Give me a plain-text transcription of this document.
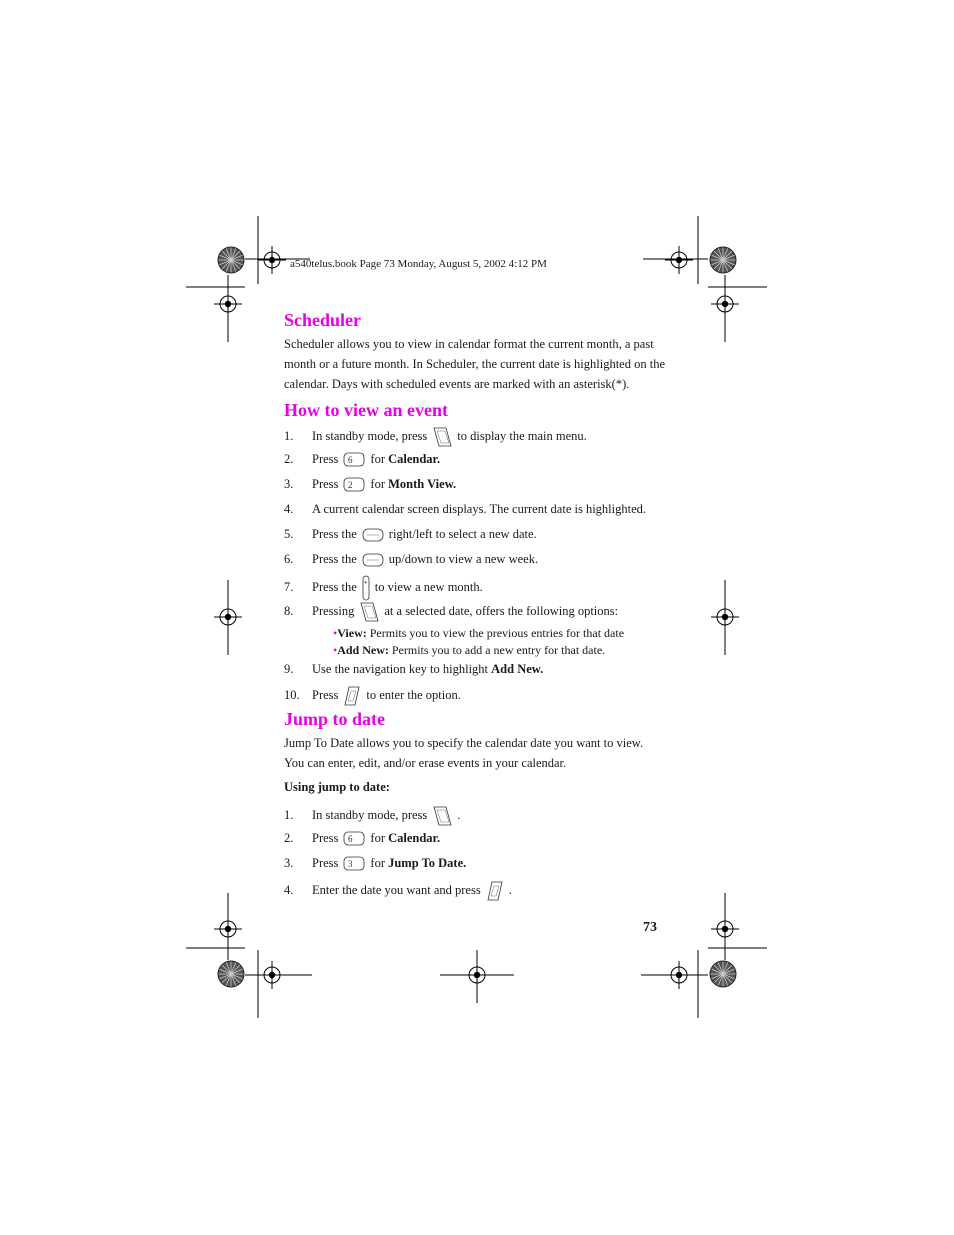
a540telus.book Page 73 Monday, August 5, 2002 4:12 PM
Scheduler
Scheduler allows you to view in calendar format the current month, a past month or a future month. In Scheduler, the current date is highlighted on the calendar. Days with scheduled events are marked with an asterisk(*).
How to view an event
1. In standby mode, press to display the main menu.
2. Press 6 for Calendar.
3. Press 2 for Month View.
4. A current calendar screen displays. The current date is highlighted.
5. Press the	right/left to select a new date.
6. Press the	up/down to view a new week.
7. Press the * to view a new month.
8. Pressing at a selected date, offers the following options:
•View: Permits you to view the previous entries for that date
•Add New: Permits you to add a new entry for that date.
9. Use the navigation key to highlight Add New.
10. Press to enter the option.
Jump to date
Jump To Date allows you to specify the calendar date you want to view. You can enter, edit, and/or erase events in your calendar.
Using jump to date:
1. In standby mode, press .
2. Press 6 for Calendar.
3. Press 3 for Jump To Date.
4. Enter the date you want and press .
73
